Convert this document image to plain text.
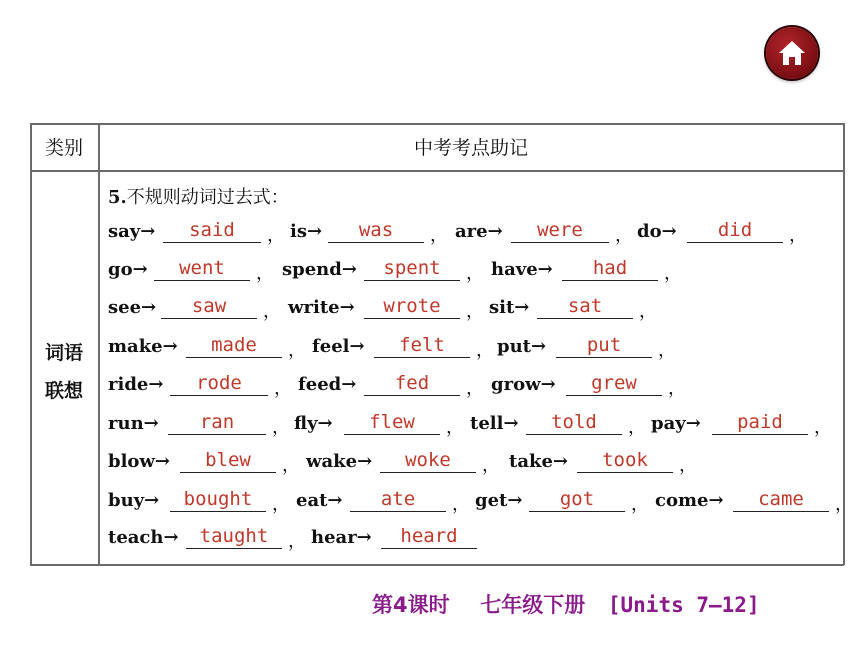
类别	中考考点助记
词语
联想
5.不规则动词过去式：
say→	said	， is→	was	， are→	were	， do→	did	，
go→	went	， spend→	spent	， have→	had	，
see→	saw	， write→	wrote	， sit→	sat	，
make→	made	， feel→	felt	， put→	put	，
ride→	rode	， feed→	fed	， grow→	grew	，
run→	ran	， fly→	flew	， tell→	told	， pay→	paid	，
blow→	blew	， wake→	woke	， take→	took	，
buy→	bought	， eat→	ate	， get→	got	， come→	came	，
teach→	taught	， hear→	heard
第4课时 七年级下册 [Units 7—12]
